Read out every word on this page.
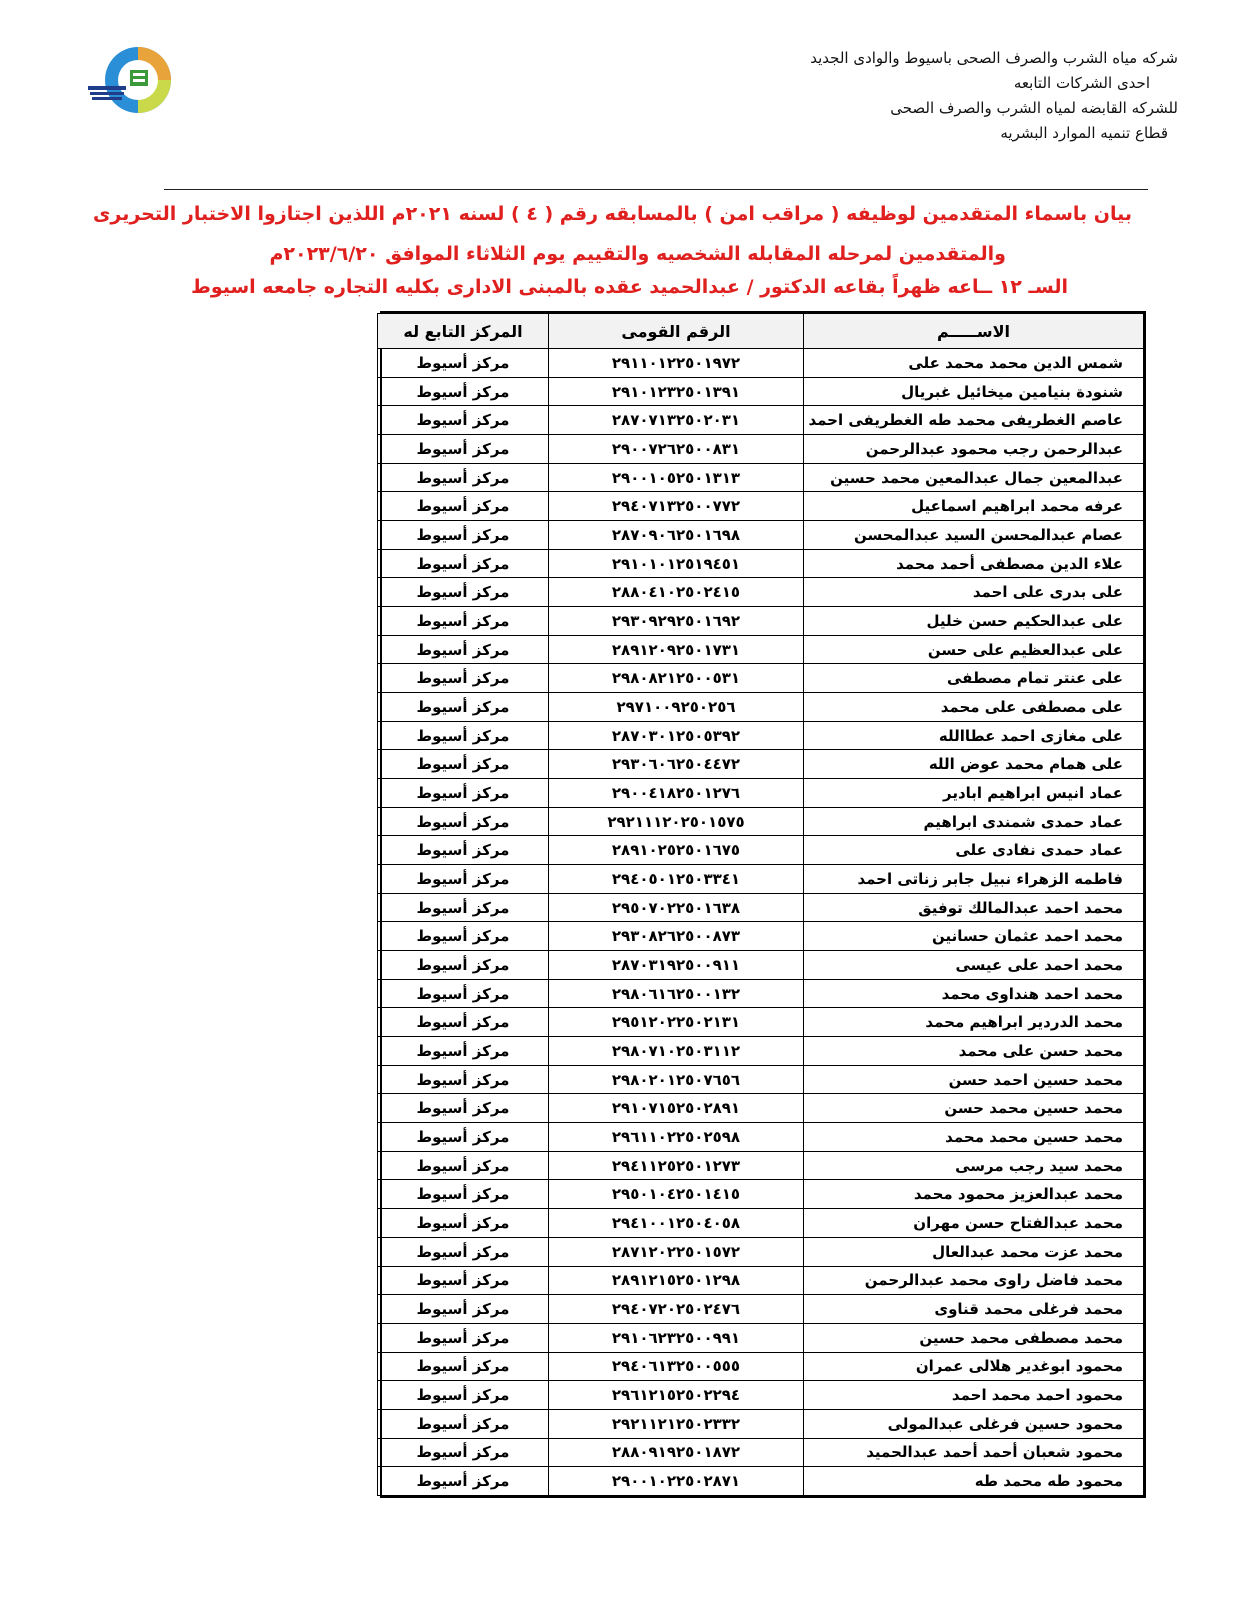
شركه مياه الشرب والصرف الصحى باسيوط والوادى الجديد
احدى الشركات التابعه
للشركه القابضه لمياه الشرب والصرف الصحى
قطاع تنميه الموارد البشريه
بيان باسماء المتقدمين لوظيفه ( مراقب امن ) بالمسابقه رقم ( ٤ ) لسنه ٢٠٢١م اللذين اجتازوا الاختبار التحريرى
والمتقدمين لمرحله المقابله الشخصيه والتقييم يوم الثلاثاء الموافق ٢٠٢٣/٦/٢٠م
السـ ١٢ ــاعه ظهراً بقاعه الدكتور / عبدالحميد عقده بالمبنى الادارى بكليه التجاره جامعه اسيوط
الاســـــم	الرقم القومى	المركز التابع له
شمس الدين محمد محمد على	٢٩١١٠١٢٢٥٠١٩٧٢	مركز أسيوط
شنودة بنيامين ميخائيل غبريال	٢٩١٠١٢٣٢٥٠١٣٩١	مركز أسيوط
عاصم الغطريفى محمد طه الغطريفى احمد	٢٨٧٠٧١٣٢٥٠٢٠٣١	مركز أسيوط
عبدالرحمن رجب محمود عبدالرحمن	٢٩٠٠٧٢٦٢٥٠٠٨٣١	مركز أسيوط
عبدالمعين جمال عبدالمعين محمد حسين	٢٩٠٠١٠٥٢٥٠١٣١٣	مركز أسيوط
عرفه محمد ابراهيم اسماعيل	٢٩٤٠٧١٣٢٥٠٠٧٧٢	مركز أسيوط
عصام عبدالمحسن السيد عبدالمحسن	٢٨٧٠٩٠٦٢٥٠١٦٩٨	مركز أسيوط
علاء الدين مصطفى أحمد محمد	٢٩١٠١٠١٢٥١٩٤٥١	مركز أسيوط
على بدرى على احمد	٢٨٨٠٤١٠٢٥٠٢٤١٥	مركز أسيوط
على عبدالحكيم حسن خليل	٢٩٣٠٩٢٩٢٥٠١٦٩٢	مركز أسيوط
على عبدالعظيم على حسن	٢٨٩١٢٠٩٢٥٠١٧٣١	مركز أسيوط
على عنتر تمام مصطفى	٢٩٨٠٨٢١٢٥٠٠٥٣١	مركز أسيوط
على مصطفى على محمد	٢٩٧١٠٠٩٢٥٠٢٥٦	مركز أسيوط
على مغازى احمد عطاالله	٢٨٧٠٣٠١٢٥٠٥٣٩٢	مركز أسيوط
على همام محمد عوض الله	٢٩٣٠٦٠٦٢٥٠٤٤٧٢	مركز أسيوط
عماد انيس ابراهيم ابادير	٢٩٠٠٤١٨٢٥٠١٢٧٦	مركز أسيوط
عماد حمدى شمندى ابراهيم	٢٩٢١١١٢٠٢٥٠١٥٧٥	مركز أسيوط
عماد حمدى نفادى على	٢٨٩١٠٢٥٢٥٠١٦٧٥	مركز أسيوط
فاطمه الزهراء نبيل جابر زناتى احمد	٢٩٤٠٥٠١٢٥٠٣٣٤١	مركز أسيوط
محمد احمد عبدالمالك توفيق	٢٩٥٠٧٠٢٢٥٠١٦٣٨	مركز أسيوط
محمد احمد عثمان حسانين	٢٩٣٠٨٢٦٢٥٠٠٨٧٣	مركز أسيوط
محمد احمد على عيسى	٢٨٧٠٣١٩٢٥٠٠٩١١	مركز أسيوط
محمد احمد هنداوى محمد	٢٩٨٠٦١٦٢٥٠٠١٣٢	مركز أسيوط
محمد الدردير ابراهيم محمد	٢٩٥١٢٠٢٢٥٠٢١٣١	مركز أسيوط
محمد حسن على محمد	٢٩٨٠٧١٠٢٥٠٣١١٢	مركز أسيوط
محمد حسين احمد حسن	٢٩٨٠٢٠١٢٥٠٧٦٥٦	مركز أسيوط
محمد حسين محمد حسن	٢٩١٠٧١٥٢٥٠٢٨٩١	مركز أسيوط
محمد حسين محمد محمد	٢٩٦١١٠٢٢٥٠٢٥٩٨	مركز أسيوط
محمد سيد رجب مرسى	٢٩٤١١٢٥٢٥٠١٢٧٣	مركز أسيوط
محمد عبدالعزيز محمود محمد	٢٩٥٠١٠٤٢٥٠١٤١٥	مركز أسيوط
محمد عبدالفتاح حسن مهران	٢٩٤١٠٠١٢٥٠٤٠٥٨	مركز أسيوط
محمد عزت محمد عبدالعال	٢٨٧١٢٠٢٢٥٠١٥٧٢	مركز أسيوط
محمد فاضل راوى محمد عبدالرحمن	٢٨٩١٢١٥٢٥٠١٢٩٨	مركز أسيوط
محمد فرغلى محمد قناوى	٢٩٤٠٧٢٠٢٥٠٢٤٧٦	مركز أسيوط
محمد مصطفى محمد حسين	٢٩١٠٦٢٣٢٥٠٠٩٩١	مركز أسيوط
محمود ابوغدير هلالى عمران	٢٩٤٠٦١٣٢٥٠٠٥٥٥	مركز أسيوط
محمود احمد محمد احمد	٢٩٦١٢١٥٢٥٠٢٢٩٤	مركز أسيوط
محمود حسين فرغلى عبدالمولى	٢٩٢١١٢١٢٥٠٢٣٣٢	مركز أسيوط
محمود شعبان أحمد أحمد عبدالحميد	٢٨٨٠٩١٩٢٥٠١٨٧٢	مركز أسيوط
محمود طه محمد طه	٢٩٠٠١٠٢٢٥٠٢٨٧١	مركز أسيوط
